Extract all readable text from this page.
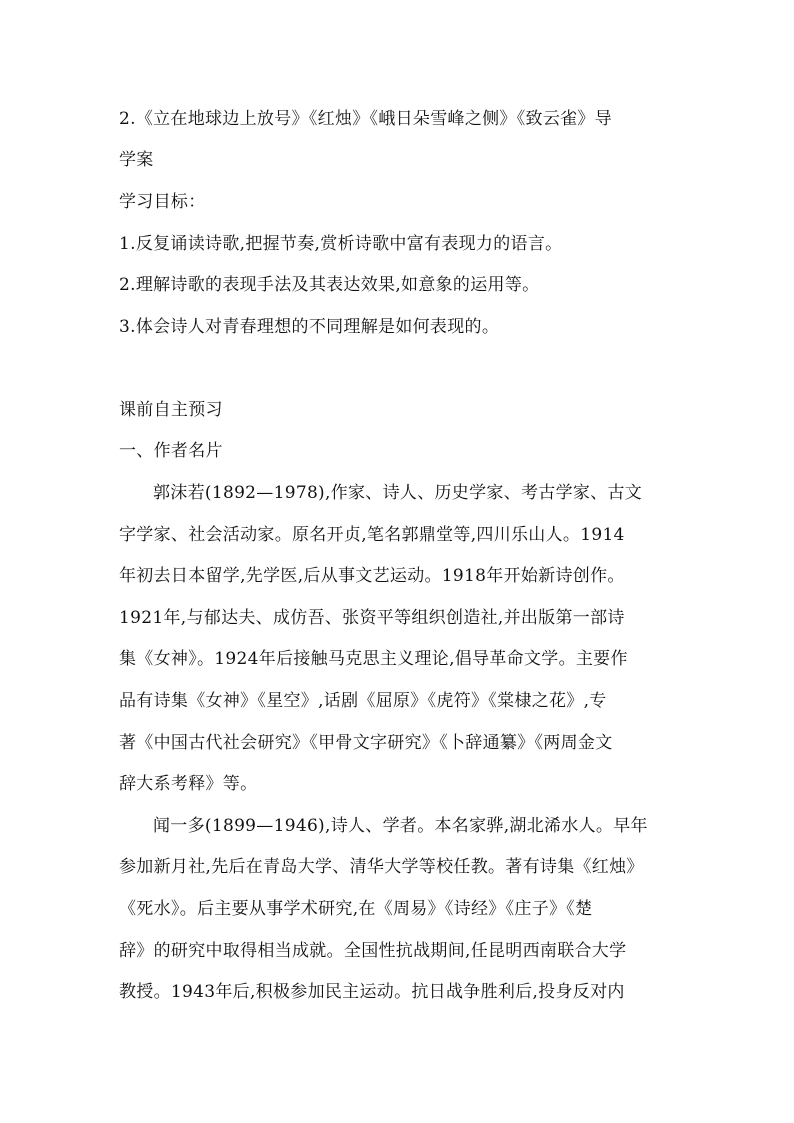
2.《立在地球边上放号》《红烛》《峨日朵雪峰之侧》《致云雀》导
学案
学习目标：
1.反复诵读诗歌,把握节奏,赏析诗歌中富有表现力的语言。
2.理解诗歌的表现手法及其表达效果,如意象的运用等。
3.体会诗人对青春理想的不同理解是如何表现的。
课前自主预习
一、作者名片
郭沫若(1892—1978),作家、诗人、历史学家、考古学家、古文
字学家、社会活动家。原名开贞,笔名郭鼎堂等,四川乐山人。1914
年初去日本留学,先学医,后从事文艺运动。1918年开始新诗创作。
1921年,与郁达夫、成仿吾、张资平等组织创造社,并出版第一部诗
集《女神》。1924年后接触马克思主义理论,倡导革命文学。主要作
品有诗集《女神》《星空》,话剧《屈原》《虎符》《棠棣之花》,专
著《中国古代社会研究》《甲骨文字研究》《卜辞通纂》《两周金文
辞大系考释》等。
闻一多(1899—1946),诗人、学者。本名家骅,湖北浠水人。早年
参加新月社,先后在青岛大学、清华大学等校任教。著有诗集《红烛》
《死水》。后主要从事学术研究,在《周易》《诗经》《庄子》《楚
辞》的研究中取得相当成就。全国性抗战期间,任昆明西南联合大学
教授。1943年后,积极参加民主运动。抗日战争胜利后,投身反对内
